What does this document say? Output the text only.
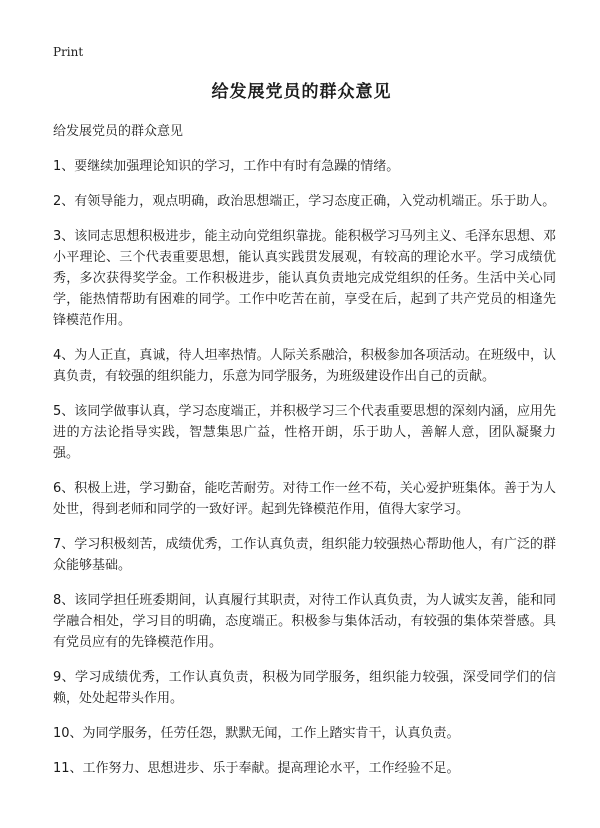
Print

给发展党员的群众意见

给发展党员的群众意见

1、要继续加强理论知识的学习，工作中有时有急躁的情绪。
2、有领导能力，观点明确，政治思想端正，学习态度正确，入党动机端正。乐于助人。
3、该同志思想积极进步，能主动向党组织靠拢。能积极学习马列主义、毛泽东思想、邓小平理论、三个代表重要思想，能认真实践贯发展观，有较高的理论水平。学习成绩优秀，多次获得奖学金。工作积极进步，能认真负责地完成党组织的任务。生活中关心同学，能热情帮助有困难的同学。工作中吃苦在前，享受在后，起到了共产党员的相逢先锋模范作用。
4、为人正直，真诚，待人坦率热情。人际关系融洽，积极参加各项活动。在班级中，认真负责，有较强的组织能力，乐意为同学服务，为班级建设作出自己的贡献。
5、该同学做事认真，学习态度端正，并积极学习三个代表重要思想的深刻内涵，应用先进的方法论指导实践，智慧集思广益，性格开朗，乐于助人，善解人意，团队凝聚力强。
6、积极上进，学习勤奋，能吃苦耐劳。对待工作一丝不苟，关心爱护班集体。善于为人处世，得到老师和同学的一致好评。起到先锋模范作用，值得大家学习。
7、学习积极刻苦，成绩优秀，工作认真负责，组织能力较强热心帮助他人，有广泛的群众能够基础。
8、该同学担任班委期间，认真履行其职责，对待工作认真负责，为人诚实友善，能和同学融合相处，学习目的明确，态度端正。积极参与集体活动，有较强的集体荣誉感。具有党员应有的先锋模范作用。
9、学习成绩优秀，工作认真负责，积极为同学服务，组织能力较强，深受同学们的信赖，处处起带头作用。
10、为同学服务，任劳任怨，默默无闻，工作上踏实肯干，认真负责。
11、工作努力、思想进步、乐于奉献。提高理论水平，工作经验不足。
